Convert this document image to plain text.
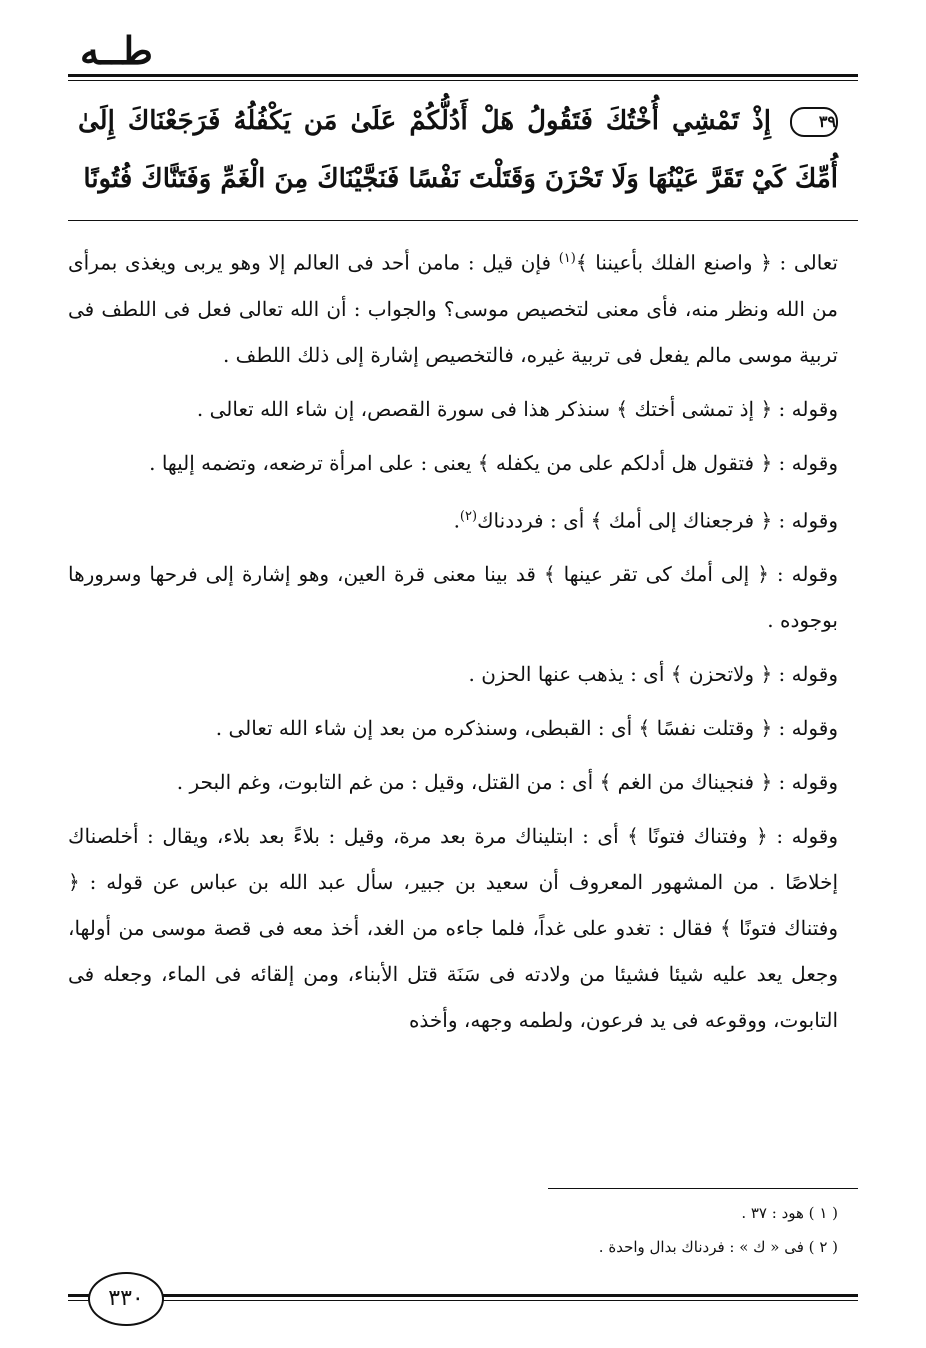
طــه
٣٩ إِذْ تَمْشِي أُخْتُكَ فَتَقُولُ هَلْ أَدُلُّكُمْ عَلَىٰ مَن يَكْفُلُهُ فَرَجَعْنَاكَ إِلَىٰ أُمِّكَ كَيْ تَقَرَّ عَيْنُهَا وَلَا تَحْزَنَ وَقَتَلْتَ نَفْسًا فَنَجَّيْنَاكَ مِنَ الْغَمِّ وَفَتَنَّاكَ فُتُونًا

تعالى : ﴿ واصنع الفلك بأعيننا ﴾$^{(١)}$ فإن قيل : مامن أحد فى العالم إلا وهو يربى ويغذى بمرأى من الله ونظر منه، فأى معنى لتخصيص موسى؟ والجواب : أن الله تعالى فعل فى اللطف فى تربية موسى مالم يفعل فى تربية غيره، فالتخصيص إشارة إلى ذلك اللطف .

وقوله : ﴿ إذ تمشى أختك ﴾ سنذكر هذا فى سورة القصص، إن شاء الله تعالى .

وقوله : ﴿ فتقول هل أدلكم على من يكفله ﴾ يعنى : على امرأة ترضعه، وتضمه إليها .

وقوله : ﴿ فرجعناك إلى أمك ﴾ أى : فرددناك$^{(٢)}$.

وقوله : ﴿ إلى أمك كى تقر عينها ﴾ قد بينا معنى قرة العين، وهو إشارة إلى فرحها وسرورها بوجوده .

وقوله : ﴿ ولاتحزن ﴾ أى : يذهب عنها الحزن .

وقوله : ﴿ وقتلت نفسًا ﴾ أى : القبطى، وسنذكره من بعد إن شاء الله تعالى .

وقوله : ﴿ فنجيناك من الغم ﴾ أى : من القتل، وقيل : من غم التابوت، وغم البحر .

وقوله : ﴿ وفتناك فتونًا ﴾ أى : ابتليناك مرة بعد مرة، وقيل : بلاءً بعد بلاء، ويقال : أخلصناك إخلاصًا . من المشهور المعروف أن سعيد بن جبير، سأل عبد الله بن عباس عن قوله : ﴿ وفتناك فتونًا ﴾ فقال : تغدو على غداً، فلما جاءه من الغد، أخذ معه فى قصة موسى من أولها، وجعل يعد عليه شيئا فشيئا من ولادته فى سَنَة قتل الأبناء، ومن إلقائه فى الماء، وجعله فى التابوت، ووقوعه فى يد فرعون، ولطمه وجهه، وأخذه

( ١ ) هود : ٣٧ .

( ٢ ) فى « ك » : فردناك بدال واحدة .

٣٣٠
